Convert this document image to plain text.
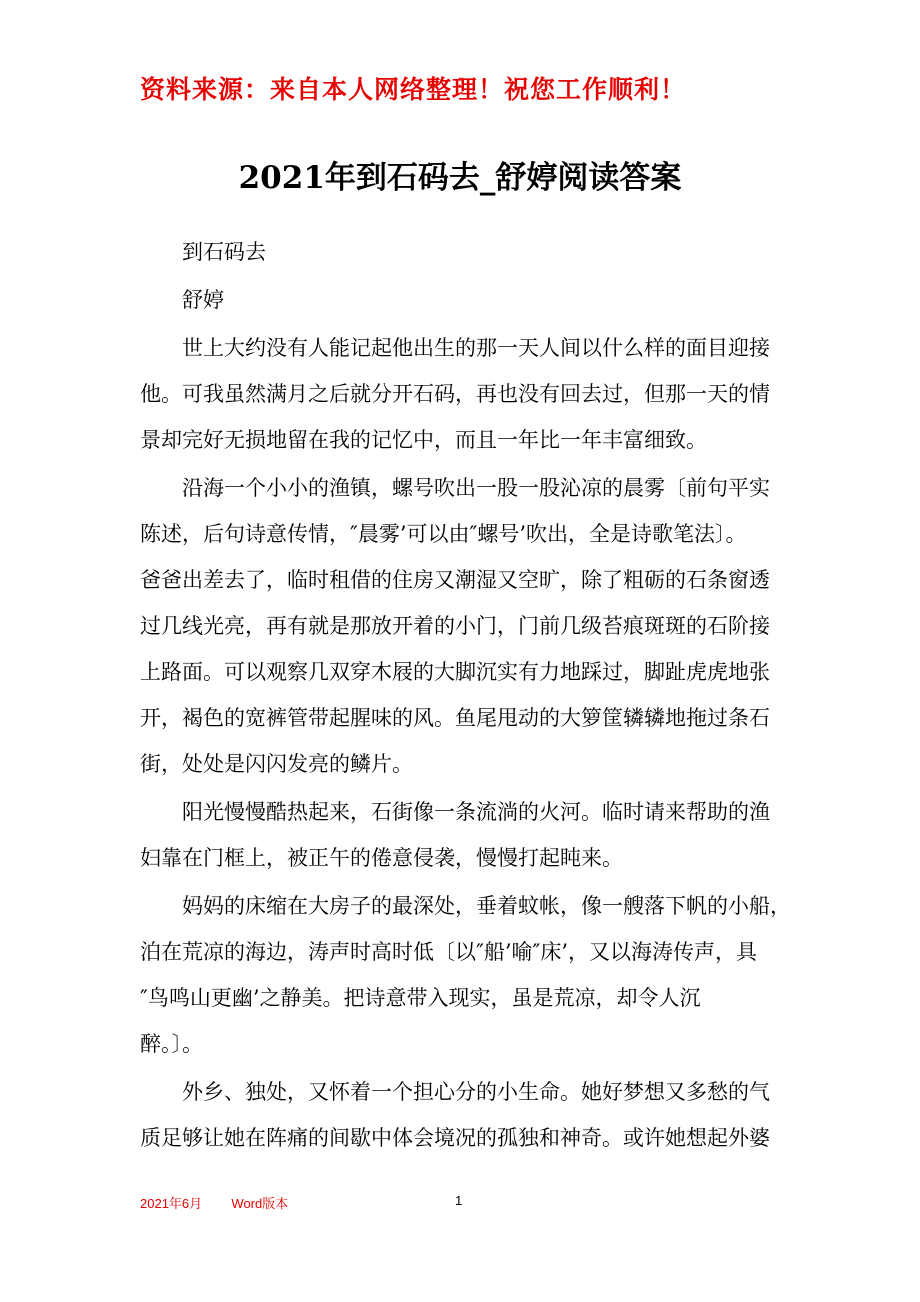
资料来源：来自本人网络整理！祝您工作顺利！
2021年到石码去_舒婷阅读答案
到石码去
舒婷
世上大约没有人能记起他出生的那一天人间以什么样的面目迎接
他。可我虽然满月之后就分开石码，再也没有回去过，但那一天的情
景却完好无损地留在我的记忆中，而且一年比一年丰富细致。
沿海一个小小的渔镇，螺号吹出一股一股沁凉的晨雾〔前句平实
陈述，后句诗意传情，″晨雾’可以由″螺号’吹出，全是诗歌笔法〕。
爸爸出差去了，临时租借的住房又潮湿又空旷，除了粗砺的石条窗透
过几线光亮，再有就是那放开着的小门，门前几级苔痕斑斑的石阶接
上路面。可以观察几双穿木屐的大脚沉实有力地踩过，脚趾虎虎地张
开，褐色的宽裤管带起腥味的风。鱼尾甩动的大箩筐辚辚地拖过条石
街，处处是闪闪发亮的鳞片。
阳光慢慢酷热起来，石街像一条流淌的火河。临时请来帮助的渔
妇靠在门框上，被正午的倦意侵袭，慢慢打起盹来。
妈妈的床缩在大房子的最深处，垂着蚊帐，像一艘落下帆的小船，
泊在荒凉的海边，涛声时高时低〔以″船’喻″床’，又以海涛传声，具
″鸟鸣山更幽’之静美。把诗意带入现实，虽是荒凉，却令人沉
醉。〕。
外乡、独处，又怀着一个担心分的小生命。她好梦想又多愁的气
质足够让她在阵痛的间歇中体会境况的孤独和神奇。或许她想起外婆
2021年6月 Word版本	1
